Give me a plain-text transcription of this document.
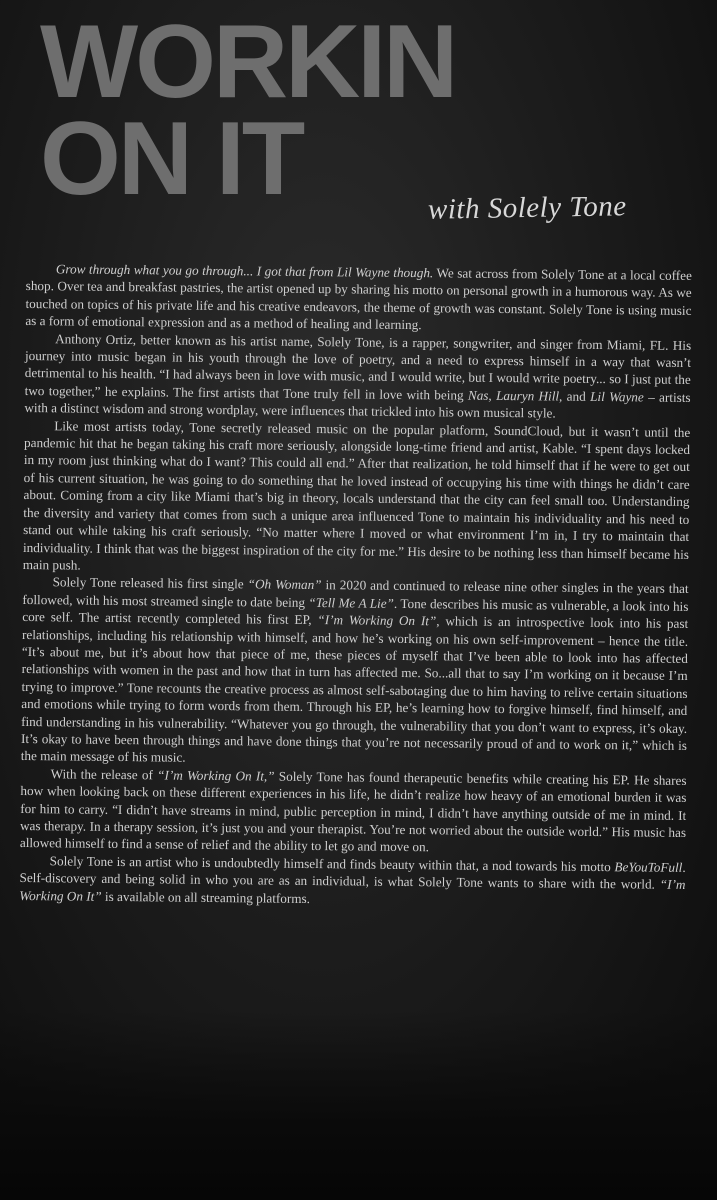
WORKIN
ON IT	with Solely Tone

Grow through what you go through... I got that from Lil Wayne though. We sat across from Solely Tone at a local coffee shop. Over tea and breakfast pastries, the artist opened up by sharing his motto on personal growth in a humorous way. As we touched on topics of his private life and his creative endeavors, the theme of growth was constant. Solely Tone is using music as a form of emotional expression and as a method of healing and learning.

Anthony Ortiz, better known as his artist name, Solely Tone, is a rapper, songwriter, and singer from Miami, FL. His journey into music began in his youth through the love of poetry, and a need to express himself in a way that wasn’t detrimental to his health. “I had always been in love with music, and I would write, but I would write poetry... so I just put the two together,” he explains. The first artists that Tone truly fell in love with being Nas, Lauryn Hill, and Lil Wayne – artists with a distinct wisdom and strong wordplay, were influences that trickled into his own musical style.

Like most artists today, Tone secretly released music on the popular platform, SoundCloud, but it wasn’t until the pandemic hit that he began taking his craft more seriously, alongside long-time friend and artist, Kable. “I spent days locked in my room just thinking what do I want? This could all end.” After that realization, he told himself that if he were to get out of his current situation, he was going to do something that he loved instead of occupying his time with things he didn’t care about. Coming from a city like Miami that’s big in theory, locals understand that the city can feel small too. Understanding the diversity and variety that comes from such a unique area influenced Tone to maintain his individuality and his need to stand out while taking his craft seriously. “No matter where I moved or what environment I’m in, I try to maintain that individuality. I think that was the biggest inspiration of the city for me.” His desire to be nothing less than himself became his main push.

Solely Tone released his first single “Oh Woman” in 2020 and continued to release nine other singles in the years that followed, with his most streamed single to date being “Tell Me A Lie”. Tone describes his music as vulnerable, a look into his core self. The artist recently completed his first EP, “I’m Working On It”, which is an introspective look into his past relationships, including his relationship with himself, and how he’s working on his own self-improvement – hence the title. “It’s about me, but it’s about how that piece of me, these pieces of myself that I’ve been able to look into has affected relationships with women in the past and how that in turn has affected me. So...all that to say I’m working on it because I’m trying to improve.” Tone recounts the creative process as almost self-sabotaging due to him having to relive certain situations and emotions while trying to form words from them. Through his EP, he’s learning how to forgive himself, find himself, and find understanding in his vulnerability. “Whatever you go through, the vulnerability that you don’t want to express, it’s okay. It’s okay to have been through things and have done things that you’re not necessarily proud of and to work on it,” which is the main message of his music.

With the release of “I’m Working On It,” Solely Tone has found therapeutic benefits while creating his EP. He shares how when looking back on these different experiences in his life, he didn’t realize how heavy of an emotional burden it was for him to carry. “I didn’t have streams in mind, public perception in mind, I didn’t have anything outside of me in mind. It was therapy. In a therapy session, it’s just you and your therapist. You’re not worried about the outside world.” His music has allowed himself to find a sense of relief and the ability to let go and move on.

Solely Tone is an artist who is undoubtedly himself and finds beauty within that, a nod towards his motto BeYouToFull. Self-discovery and being solid in who you are as an individual, is what Solely Tone wants to share with the world. “I’m Working On It” is available on all streaming platforms.
